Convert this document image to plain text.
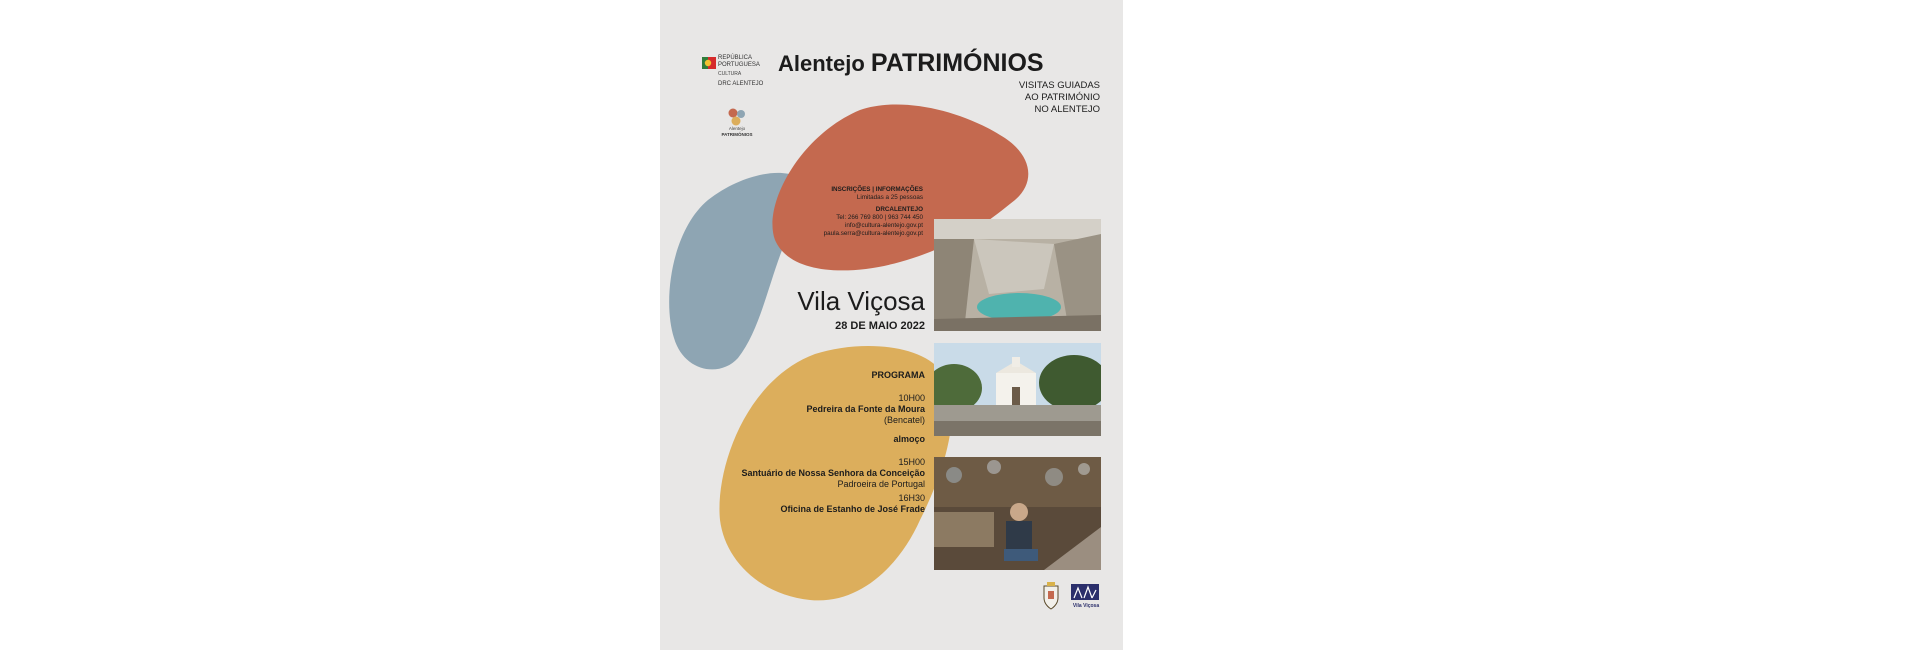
REPÚBLICA
PORTUGUESA
CULTURA
DRC ALENTEJO
Alentejo
PATRIMÓNIOS
Alentejo PATRIMÓNIOS
VISITAS GUIADAS
AO PATRIMÓNIO
NO ALENTEJO
INSCRIÇÕES | INFORMAÇÕES
Limitadas a 25 pessoas
DRCALENTEJO
Tel: 266 769 800 | 963 744 450
info@cultura-alentejo.gov.pt
paula.serra@cultura-alentejo.gov.pt
Vila Viçosa
28 DE MAIO 2022
PROGRAMA
10H00
Pedreira da Fonte da Moura
(Bencatel)
almoço
15H00
Santuário de Nossa Senhora da Conceição
Padroeira de Portugal
16H30
Oficina de Estanho de José Frade
Vila Viçosa
